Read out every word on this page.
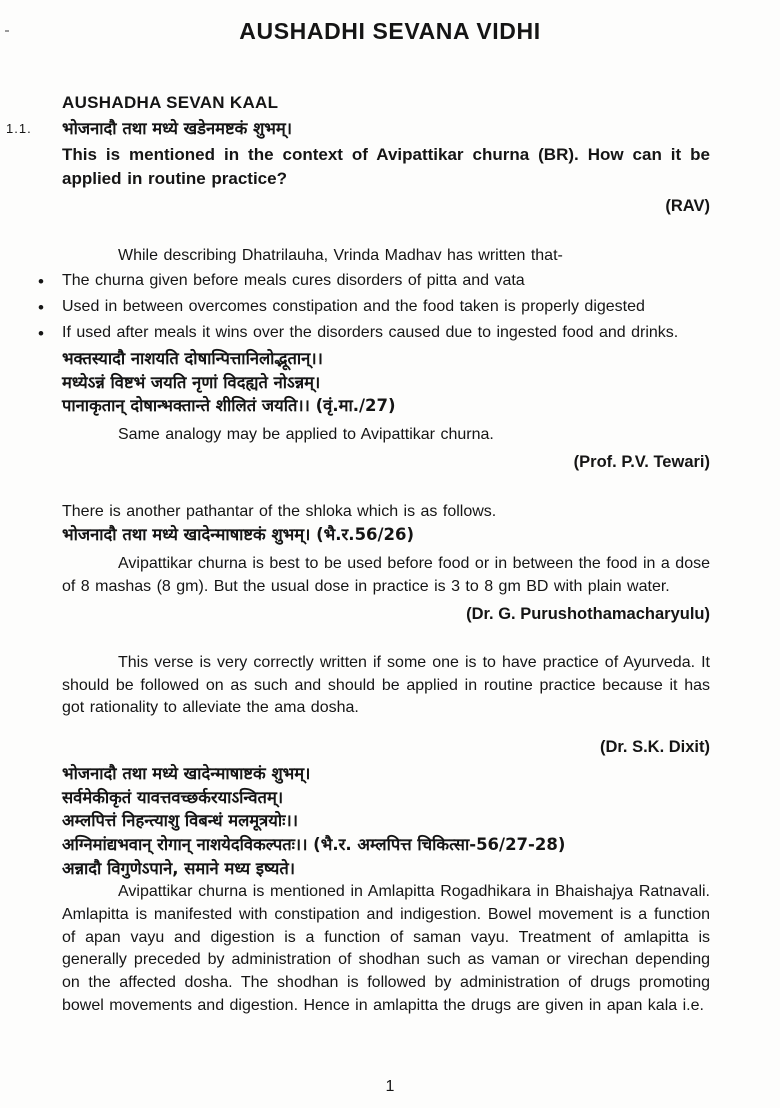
AUSHADHI SEVANA VIDHI
AUSHADHA SEVAN KAAL
1.1. भोजनादौ तथा मध्ये खडेनमष्टकं शुभम्।
This is mentioned in the context of Avipattikar churna (BR). How can it be applied in routine practice?
(RAV)
While describing Dhatrilauha, Vrinda Madhav has written that-
• The churna given before meals cures disorders of pitta and vata
• Used in between overcomes constipation and the food taken is properly digested
• If used after meals it wins over the disorders caused due to ingested food and drinks.
भक्तस्यादौ नाशयति दोषान्पित्तानिलोद्भूतान्।।
मध्येऽन्नं विष्टभं जयति नृणां विदह्यते नोऽन्नम्।
पानाकृतान् दोषान्भक्तान्ते शीलितं जयति।। (वृं.मा./27)
Same analogy may be applied to Avipattikar churna.
(Prof. P.V. Tewari)
There is another pathantar of the shloka which is as follows.
भोजनादौ तथा मध्ये खादेन्माषाष्टकं शुभम्। (भै.र.56/26)
Avipattikar churna is best to be used before food or in between the food in a dose of 8 mashas (8 gm). But the usual dose in practice is 3 to 8 gm BD with plain water.
(Dr. G. Purushothamacharyulu)
This verse is very correctly written if some one is to have practice of Ayurveda. It should be followed on as such and should be applied in routine practice because it has got rationality to alleviate the ama dosha.
(Dr. S.K. Dixit)
भोजनादौ तथा मध्ये खादेन्माषाष्टकं शुभम्।
सर्वमेकीकृतं यावत्तवच्छर्करयाऽन्वितम्।
अम्लपित्तं निहन्त्याशु विबन्धं मलमूत्रयोः।।
अग्निमांद्यभवान् रोगान् नाशयेदविकल्पतः।। (भै.र. अम्लपित्त चिकित्सा-56/27-28)
अन्नादौ विगुणेऽपाने, समाने मध्य इष्यते।
Avipattikar churna is mentioned in Amlapitta Rogadhikara in Bhaishajya Ratnavali. Amlapitta is manifested with constipation and indigestion. Bowel movement is a function of apan vayu and digestion is a function of saman vayu. Treatment of amlapitta is generally preceded by administration of shodhan such as vaman or virechan depending on the affected dosha. The shodhan is followed by administration of drugs promoting bowel movements and digestion. Hence in amlapitta the drugs are given in apan kala i.e.
1
